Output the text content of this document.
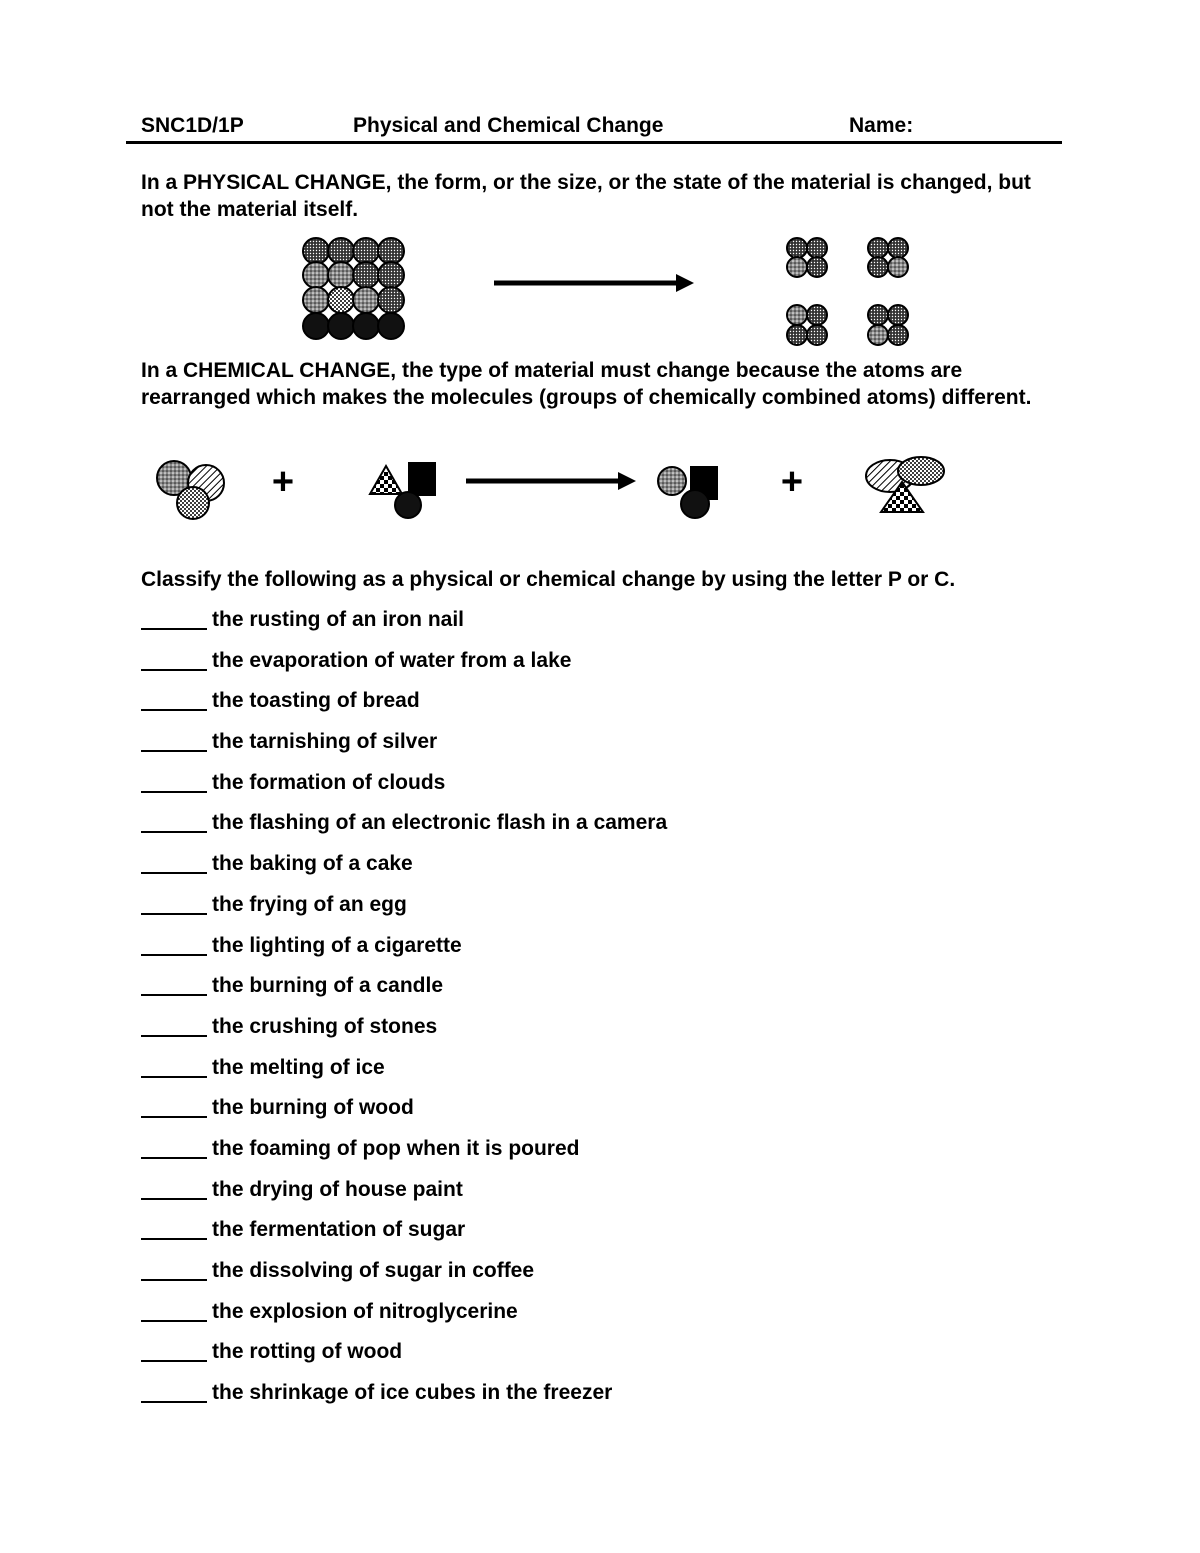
SNC1D/1P	Physical and Chemical Change	Name:
In a PHYSICAL CHANGE, the form, or the size, or the state of the material is changed, but not the material itself.
In a CHEMICAL CHANGE, the type of material must change because the atoms are rearranged which makes the molecules (groups of chemically combined atoms) different.
+	+
Classify the following as a physical or chemical change by using the letter P or C.
the rusting of an iron nail
the evaporation of water from a lake
the toasting of bread
the tarnishing of silver
the formation of clouds
the flashing of an electronic flash in a camera
the baking of a cake
the frying of an egg
the lighting of a cigarette
the burning of a candle
the crushing of stones
the melting of ice
the burning of wood
the foaming of pop when it is poured
the drying of house paint
the fermentation of sugar
the dissolving of sugar in coffee
the explosion of nitroglycerine
the rotting of wood
the shrinkage of ice cubes in the freezer
